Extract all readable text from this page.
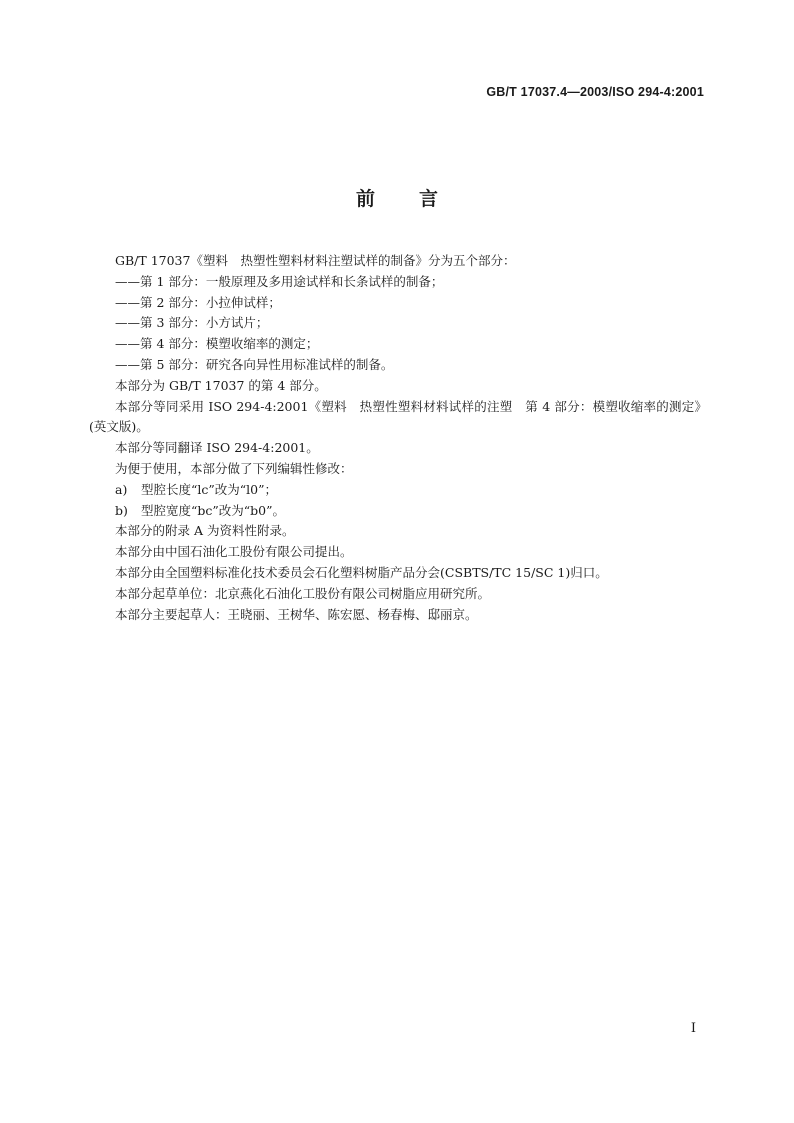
GB/T 17037.4—2003/ISO 294-4:2001
前 言

GB/T 17037《塑料　热塑性塑料材料注塑试样的制备》分为五个部分：

——第 1 部分：一般原理及多用途试样和长条试样的制备；

——第 2 部分：小拉伸试样；

——第 3 部分：小方试片；

——第 4 部分：模塑收缩率的测定；

——第 5 部分：研究各向异性用标准试样的制备。

本部分为 GB/T 17037 的第 4 部分。

本部分等同采用 ISO 294-4:2001《塑料　热塑性塑料材料试样的注塑　第 4 部分：模塑收缩率的测定》(英文版)。

本部分等同翻译 ISO 294-4:2001。

为便于使用，本部分做了下列编辑性修改：

a) 型腔长度“lc”改为“l0”；

b) 型腔宽度“bc”改为“b0”。

本部分的附录 A 为资料性附录。

本部分由中国石油化工股份有限公司提出。

本部分由全国塑料标准化技术委员会石化塑料树脂产品分会(CSBTS/TC 15/SC 1)归口。

本部分起草单位：北京燕化石油化工股份有限公司树脂应用研究所。

本部分主要起草人：王晓丽、王树华、陈宏愿、杨春梅、邸丽京。

I
